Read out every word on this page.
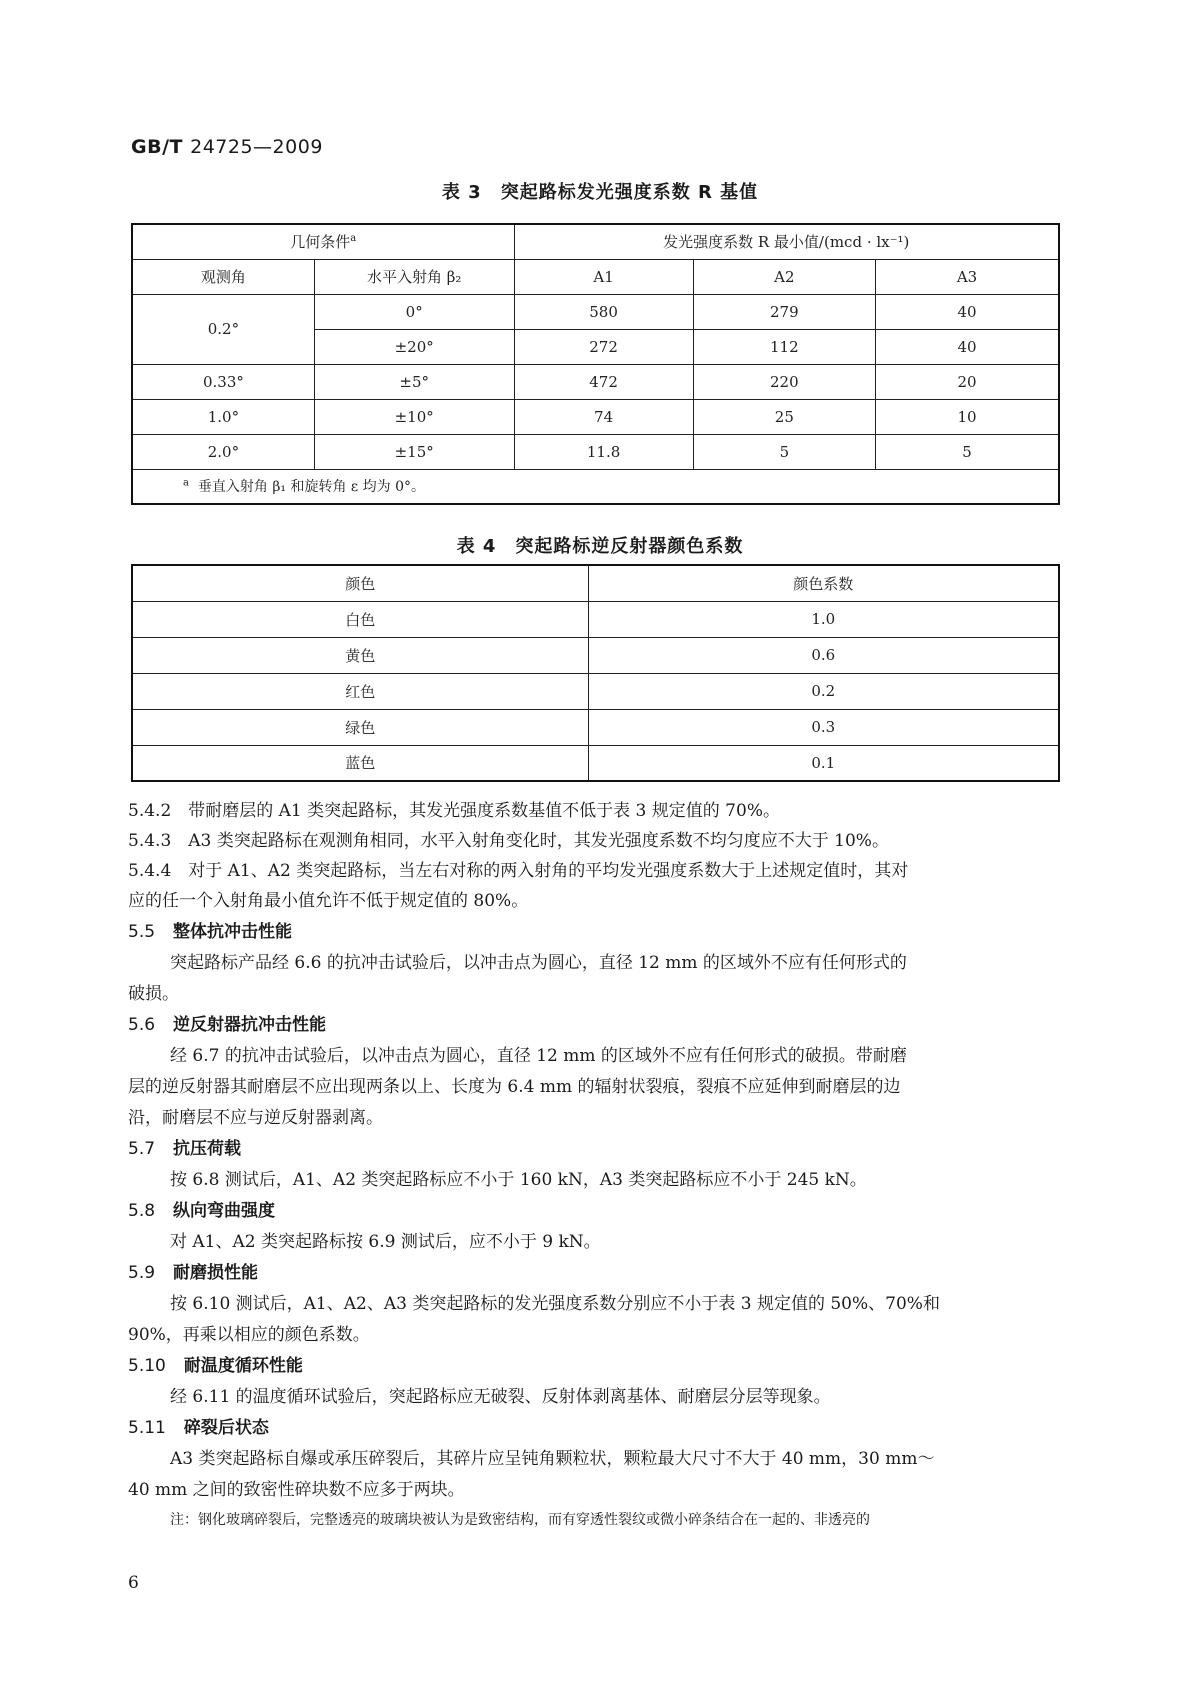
GB/T 24725—2009
表 3　突起路标发光强度系数 R 基值
几何条件$^a$		发光强度系数 R 最小值/(mcd · lx⁻¹)		
观测角	水平入射角 β₂	A1	A2	A3
0.2°	0°	580	279	40
	±20°	272	112	40
0.33°	±5°	472	220	20
1.0°	±10°	74	25	10
2.0°	±15°	11.8	5	5
$^a$ 垂直入射角 β₁ 和旋转角 ε 均为 0°。				
表 4　突起路标逆反射器颜色系数
颜色	颜色系数
白色	1.0
黄色	0.6
红色	0.2
绿色	0.3
蓝色	0.1
5.4.2　带耐磨层的 A1 类突起路标，其发光强度系数基值不低于表 3 规定值的 70%。
5.4.3　A3 类突起路标在观测角相同，水平入射角变化时，其发光强度系数不均匀度应不大于 10%。
5.4.4　对于 A1、A2 类突起路标，当左右对称的两入射角的平均发光强度系数大于上述规定值时，其对
应的任一个入射角最小值允许不低于规定值的 80%。
5.5 整体抗冲击性能
突起路标产品经 6.6 的抗冲击试验后，以冲击点为圆心，直径 12 mm 的区域外不应有任何形式的
破损。
5.6 逆反射器抗冲击性能
经 6.7 的抗冲击试验后，以冲击点为圆心，直径 12 mm 的区域外不应有任何形式的破损。带耐磨
层的逆反射器其耐磨层不应出现两条以上、长度为 6.4 mm 的辐射状裂痕，裂痕不应延伸到耐磨层的边
沿，耐磨层不应与逆反射器剥离。
5.7 抗压荷载
按 6.8 测试后，A1、A2 类突起路标应不小于 160 kN，A3 类突起路标应不小于 245 kN。
5.8 纵向弯曲强度
对 A1、A2 类突起路标按 6.9 测试后，应不小于 9 kN。
5.9 耐磨损性能
按 6.10 测试后，A1、A2、A3 类突起路标的发光强度系数分别应不小于表 3 规定值的 50%、70%和
90%，再乘以相应的颜色系数。
5.10 耐温度循环性能
经 6.11 的温度循环试验后，突起路标应无破裂、反射体剥离基体、耐磨层分层等现象。
5.11 碎裂后状态
A3 类突起路标自爆或承压碎裂后，其碎片应呈钝角颗粒状，颗粒最大尺寸不大于 40 mm，30 mm～
40 mm 之间的致密性碎块数不应多于两块。
注：钢化玻璃碎裂后，完整透亮的玻璃块被认为是致密结构，而有穿透性裂纹或微小碎条结合在一起的、非透亮的
6
